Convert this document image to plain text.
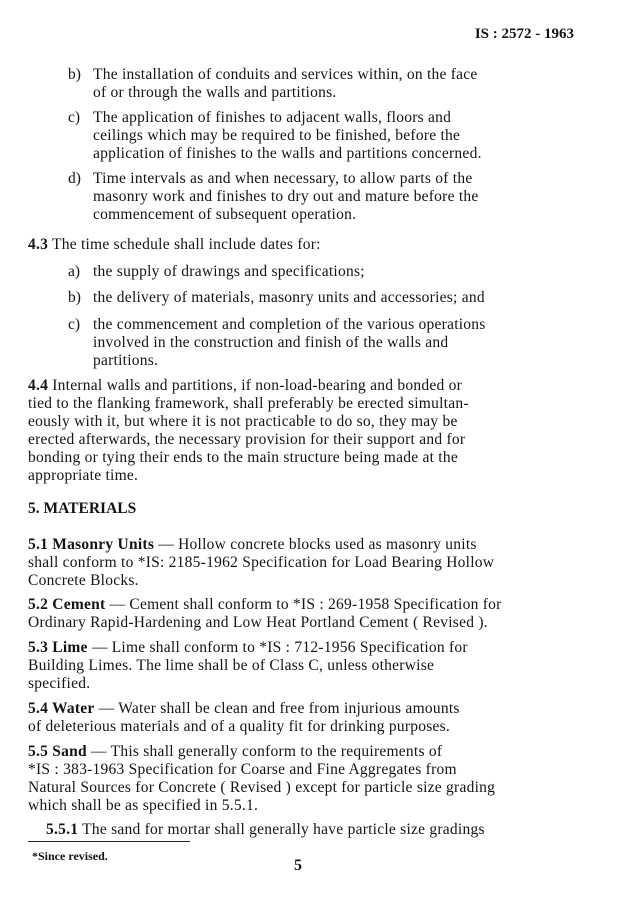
IS : 2572 - 1963
b) The installation of conduits and services within, on the face
of or through the walls and partitions.
c) The application of finishes to adjacent walls, floors and
ceilings which may be required to be finished, before the
application of finishes to the walls and partitions concerned.
d) Time intervals as and when necessary, to allow parts of the
masonry work and finishes to dry out and mature before the
commencement of subsequent operation.
4.3 The time schedule shall include dates for:
a) the supply of drawings and specifications;
b) the delivery of materials, masonry units and accessories; and
c) the commencement and completion of the various operations
involved in the construction and finish of the walls and
partitions.
4.4 Internal walls and partitions, if non-load-bearing and bonded or
tied to the flanking framework, shall preferably be erected simultan-
eously with it, but where it is not practicable to do so, they may be
erected afterwards, the necessary provision for their support and for
bonding or tying their ends to the main structure being made at the
appropriate time.
5. MATERIALS
5.1 Masonry Units — Hollow concrete blocks used as masonry units
shall conform to *IS: 2185-1962 Specification for Load Bearing Hollow
Concrete Blocks.
5.2 Cement — Cement shall conform to *IS : 269-1958 Specification for
Ordinary Rapid-Hardening and Low Heat Portland Cement ( Revised ).
5.3 Lime — Lime shall conform to *IS : 712-1956 Specification for
Building Limes. The lime shall be of Class C, unless otherwise
specified.
5.4 Water — Water shall be clean and free from injurious amounts
of deleterious materials and of a quality fit for drinking purposes.
5.5 Sand — This shall generally conform to the requirements of
*IS : 383-1963 Specification for Coarse and Fine Aggregates from
Natural Sources for Concrete ( Revised ) except for particle size grading
which shall be as specified in 5.5.1.
5.5.1 The sand for mortar shall generally have particle size gradings
*Since revised.
5
